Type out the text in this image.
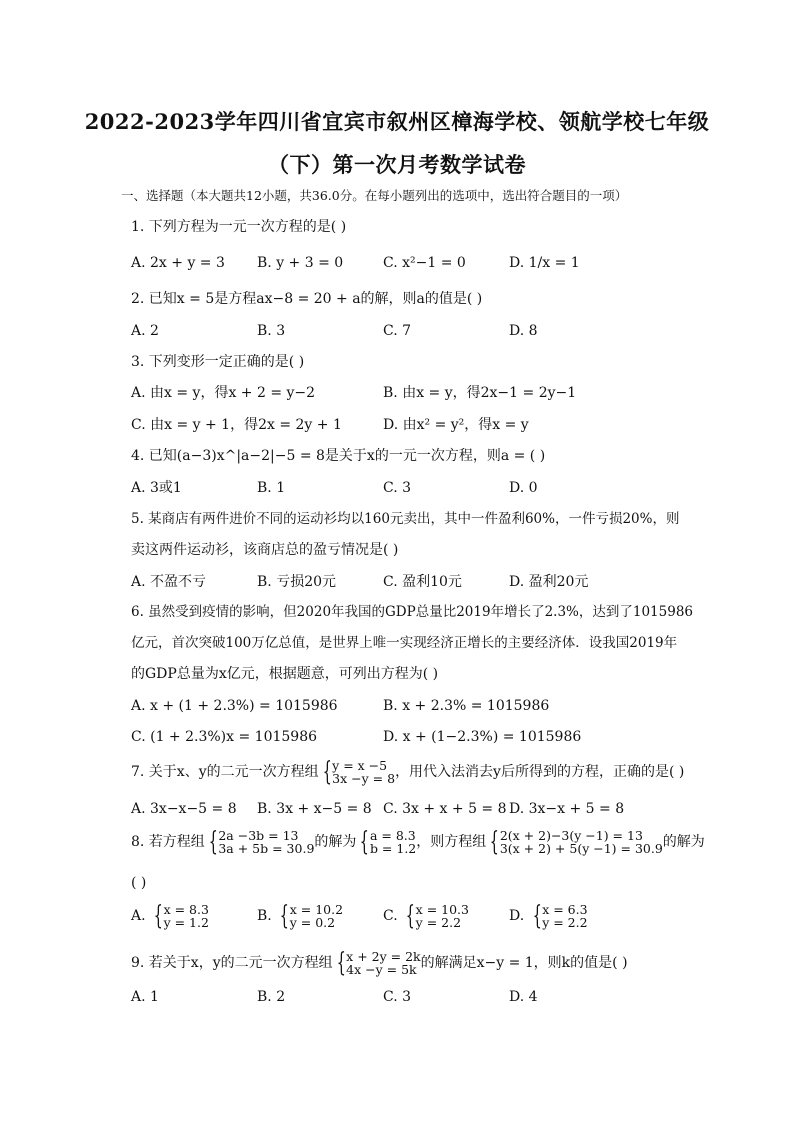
2022-2023学年四川省宜宾市叙州区樟海学校、领航学校七年级
（下）第一次月考数学试卷
一、选择题（本大题共12小题，共36.0分。在每小题列出的选项中，选出符合题目的一项）
1. 下列方程为一元一次方程的是( )
A. 2x + y = 3 B. y + 3 = 0	C. x²−1 = 0	D. 1/x = 1
2. 已知x = 5是方程ax−8 = 20 + a的解，则a的值是( )
A. 2	B. 3	C. 7	D. 8
3. 下列变形一定正确的是( )
A. 由x = y，得x + 2 = y−2	B. 由x = y，得2x−1 = 2y−1
C. 由x = y + 1，得2x = 2y + 1	D. 由x² = y²，得x = y
4. 已知(a−3)x^|a−2|−5 = 8是关于x的一元一次方程，则a = ( )
A. 3或1	B. 1	C. 3	D. 0
5. 某商店有两件进价不同的运动衫均以160元卖出，其中一件盈利60%，一件亏损20%，则
卖这两件运动衫，该商店总的盈亏情况是( )
A. 不盈不亏	B. 亏损20元	C. 盈利10元	D. 盈利20元
6. 虽然受到疫情的影响，但2020年我国的GDP总量比2019年增长了2.3%，达到了1015986
亿元，首次突破100万亿总值，是世界上唯一实现经济正增长的主要经济体．设我国2019年
的GDP总量为x亿元，根据题意，可列出方程为( )
A. x + (1 + 2.3%) = 1015986	B. x + 2.3% = 1015986
C. (1 + 2.3%)x = 1015986	D. x + (1−2.3%) = 1015986
7. 关于x、y的二元一次方程组 { y = x −5
3x −y = 8 ，用代入法消去y后所得到的方程，正确的是( )
A. 3x−x−5 = 8 B. 3x + x−5 = 8 C. 3x + x + 5 = 8 D. 3x−x + 5 = 8
8. 若方程组 { 2a −3b = 13
3a + 5b = 30.9 的解为 { a = 8.3
b = 1.2 ，则方程组 { 2(x + 2)−3(y −1) = 13
3(x + 2) + 5(y −1) = 30.9 的解为
( )
A. { x = 8.3
y = 1.2	B. { x = 10.2
y = 0.2	C. { x = 10.3
y = 2.2	D. { x = 6.3
y = 2.2
9. 若关于x，y的二元一次方程组 { x + 2y = 2k
4x −y = 5k 的解满足x−y = 1，则k的值是( )
A. 1	B. 2	C. 3	D. 4
